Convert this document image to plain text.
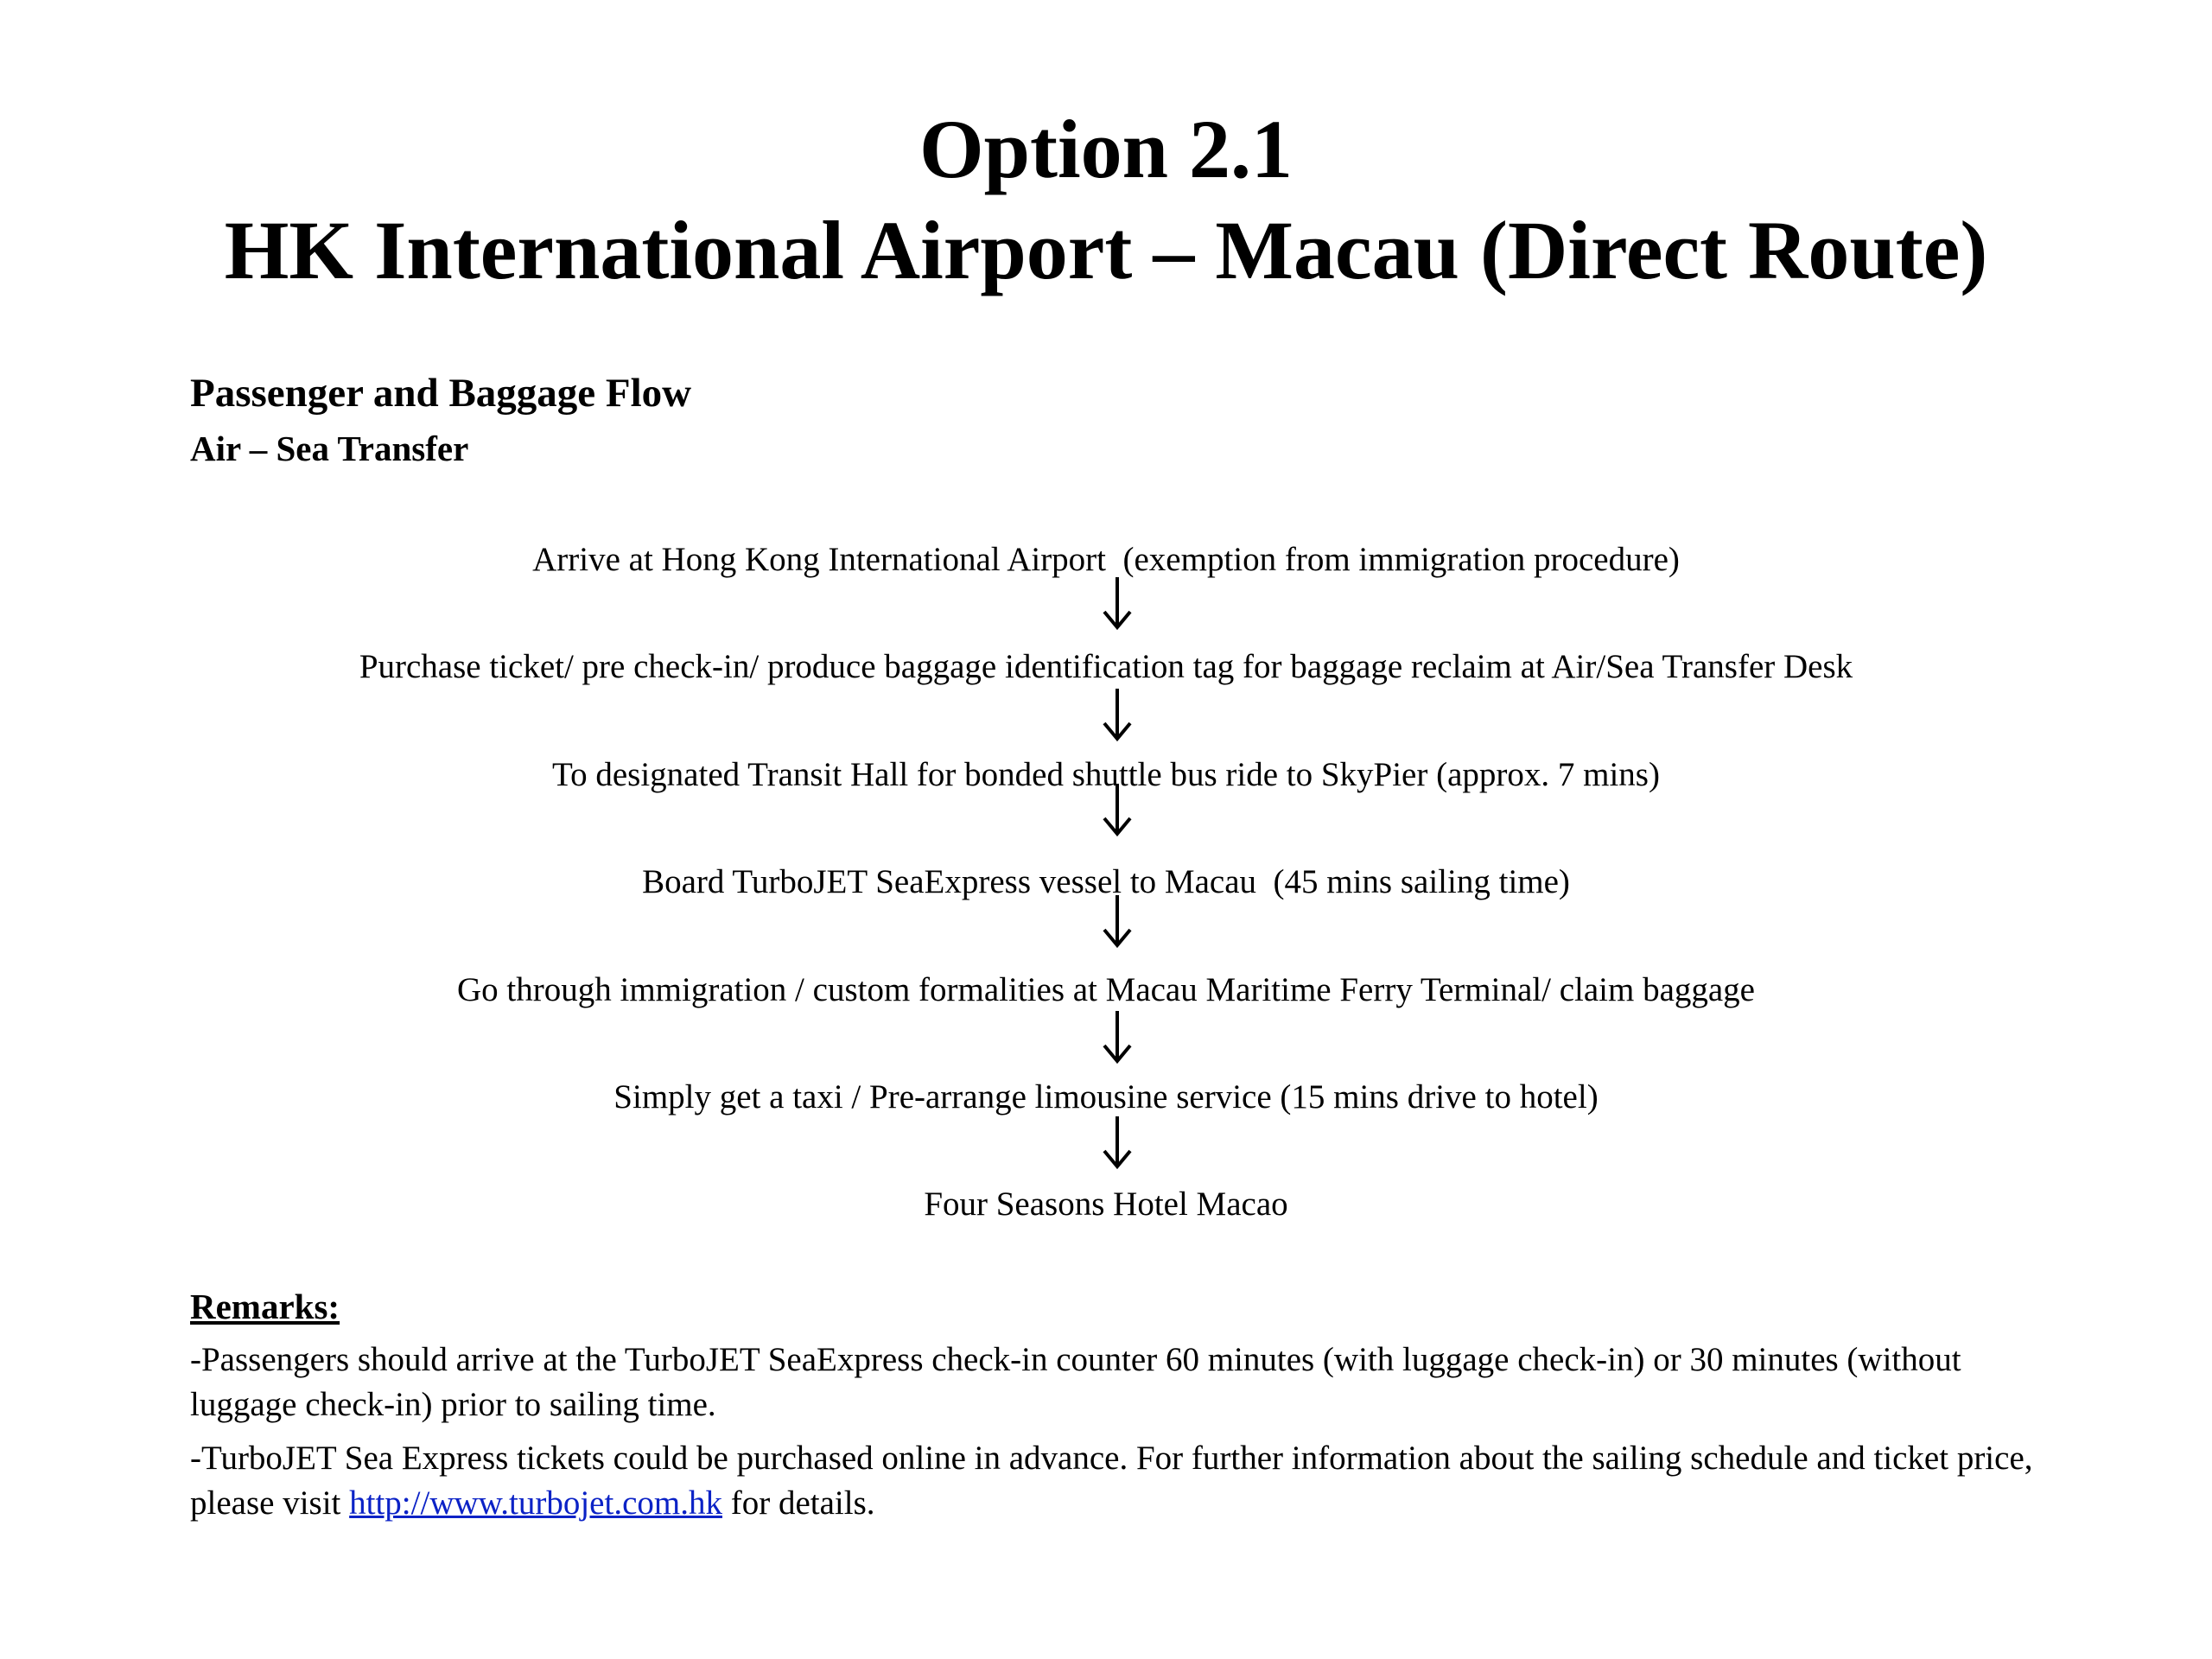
Option 2.1
HK International Airport – Macau (Direct Route)
Passenger and Baggage Flow
Air – Sea Transfer
Arrive at Hong Kong International Airport  (exemption from immigration procedure)
Purchase ticket/ pre check-in/ produce baggage identification tag for baggage reclaim at Air/Sea Transfer Desk
To designated Transit Hall for bonded shuttle bus ride to SkyPier (approx. 7 mins)
Board TurboJET SeaExpress vessel to Macau  (45 mins sailing time)
Go through immigration / custom formalities at Macau Maritime Ferry Terminal/ claim baggage
Simply get a taxi / Pre-arrange limousine service (15 mins drive to hotel)
Four Seasons Hotel Macao
Remarks:

-Passengers should arrive at the TurboJET SeaExpress check-in counter 60 minutes (with luggage check-in) or 30 minutes (without luggage check-in) prior to sailing time.

-TurboJET Sea Express tickets could be purchased online in advance. For further information about the sailing schedule and ticket price, please visit http://www.turbojet.com.hk for details.
